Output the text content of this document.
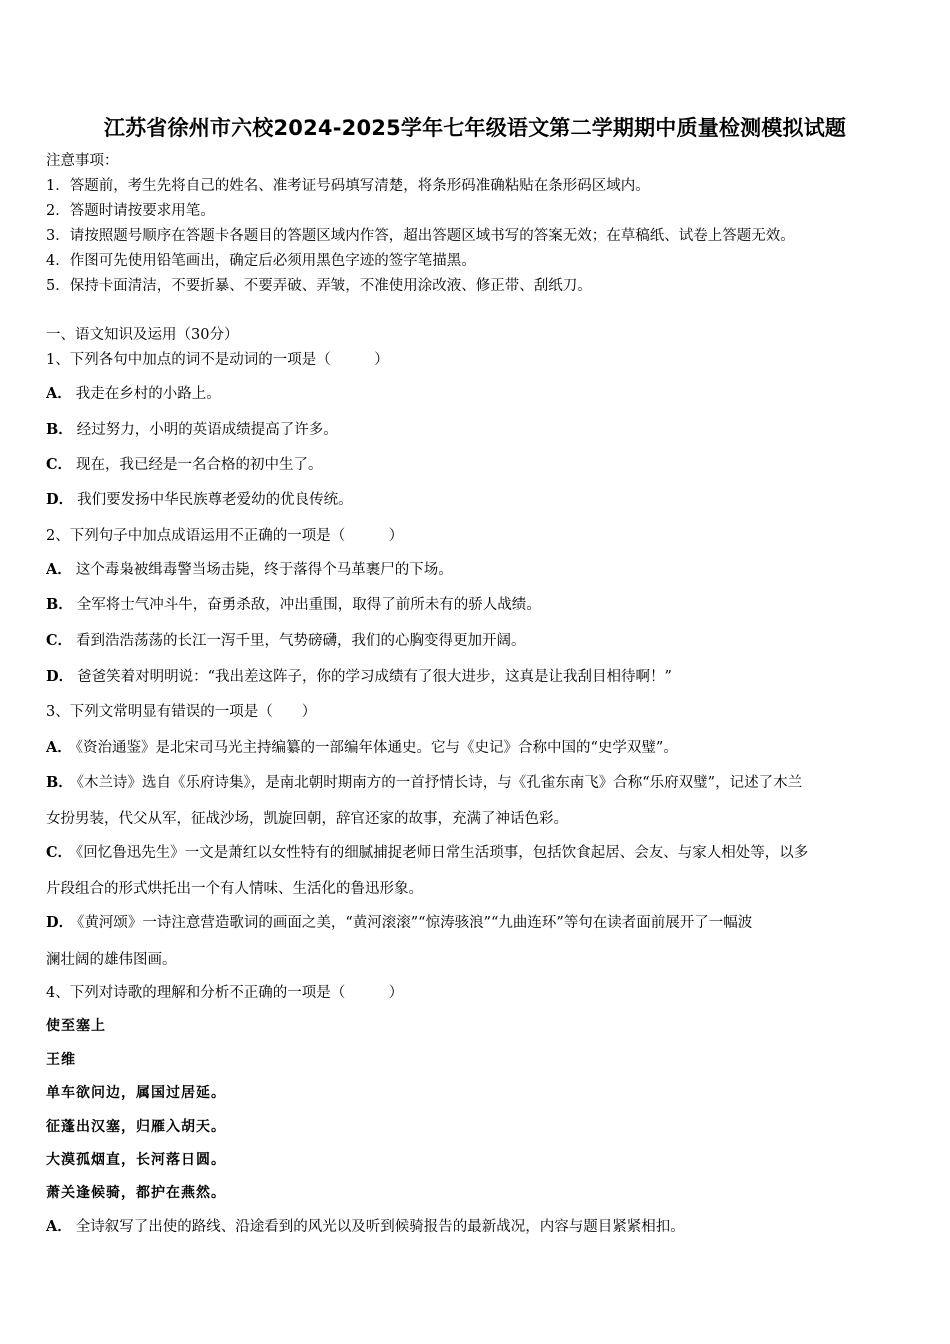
江苏省徐州市六校2024-2025学年七年级语文第二学期期中质量检测模拟试题
注意事项：
1．答题前，考生先将自己的姓名、准考证号码填写清楚，将条形码准确粘贴在条形码区域内。
2．答题时请按要求用笔。
3．请按照题号顺序在答题卡各题目的答题区域内作答，超出答题区域书写的答案无效；在草稿纸、试卷上答题无效。
4．作图可先使用铅笔画出，确定后必须用黑色字迹的签字笔描黑。
5．保持卡面清洁，不要折暴、不要弄破、弄皱，不准使用涂改液、修正带、刮纸刀。
一、语文知识及运用（30分）
1、下列各句中加点的词不是动词的一项是（　　　）
A． 我走在乡村的小路上。
B． 经过努力，小明的英语成绩提高了许多。
C． 现在，我已经是一名合格的初中生了。
D． 我们要发扬中华民族尊老爱幼的优良传统。
2、下列句子中加点成语运用不正确的一项是（　　　）
A． 这个毒枭被缉毒警当场击毙，终于落得个马革裹尸的下场。
B． 全军将士气冲斗牛，奋勇杀敌，冲出重围，取得了前所未有的骄人战绩。
C． 看到浩浩荡荡的长江一泻千里，气势磅礴，我们的心胸变得更加开阔。
D． 爸爸笑着对明明说：“我出差这阵子，你的学习成绩有了很大进步，这真是让我刮目相待啊！”
3、下列文常明显有错误的一项是（　　）
A． 《资治通鉴》是北宋司马光主持编纂的一部编年体通史。它与《史记》合称中国的“史学双璧”。
B． 《木兰诗》选自《乐府诗集》，是南北朝时期南方的一首抒情长诗，与《孔雀东南飞》合称“乐府双璧”，记述了木兰
女扮男装，代父从军，征战沙场，凯旋回朝，辞官还家的故事，充满了神话色彩。
C． 《回忆鲁迅先生》一文是萧红以女性特有的细腻捕捉老师日常生活琐事，包括饮食起居、会友、与家人相处等，以多
片段组合的形式烘托出一个有人情味、生活化的鲁迅形象。
D． 《黄河颂》一诗注意营造歌词的画面之美，“黄河滚滚”“惊涛骇浪”“九曲连环”等句在读者面前展开了一幅波
澜壮阔的雄伟图画。
4、下列对诗歌的理解和分析不正确的一项是（　　　）
使至塞上
王维
单车欲问边，属国过居延。
征蓬出汉塞，归雁入胡天。
大漠孤烟直，长河落日圆。
萧关逢候骑，都护在燕然。
A． 全诗叙写了出使的路线、沿途看到的风光以及听到候骑报告的最新战况，内容与题目紧紧相扣。
